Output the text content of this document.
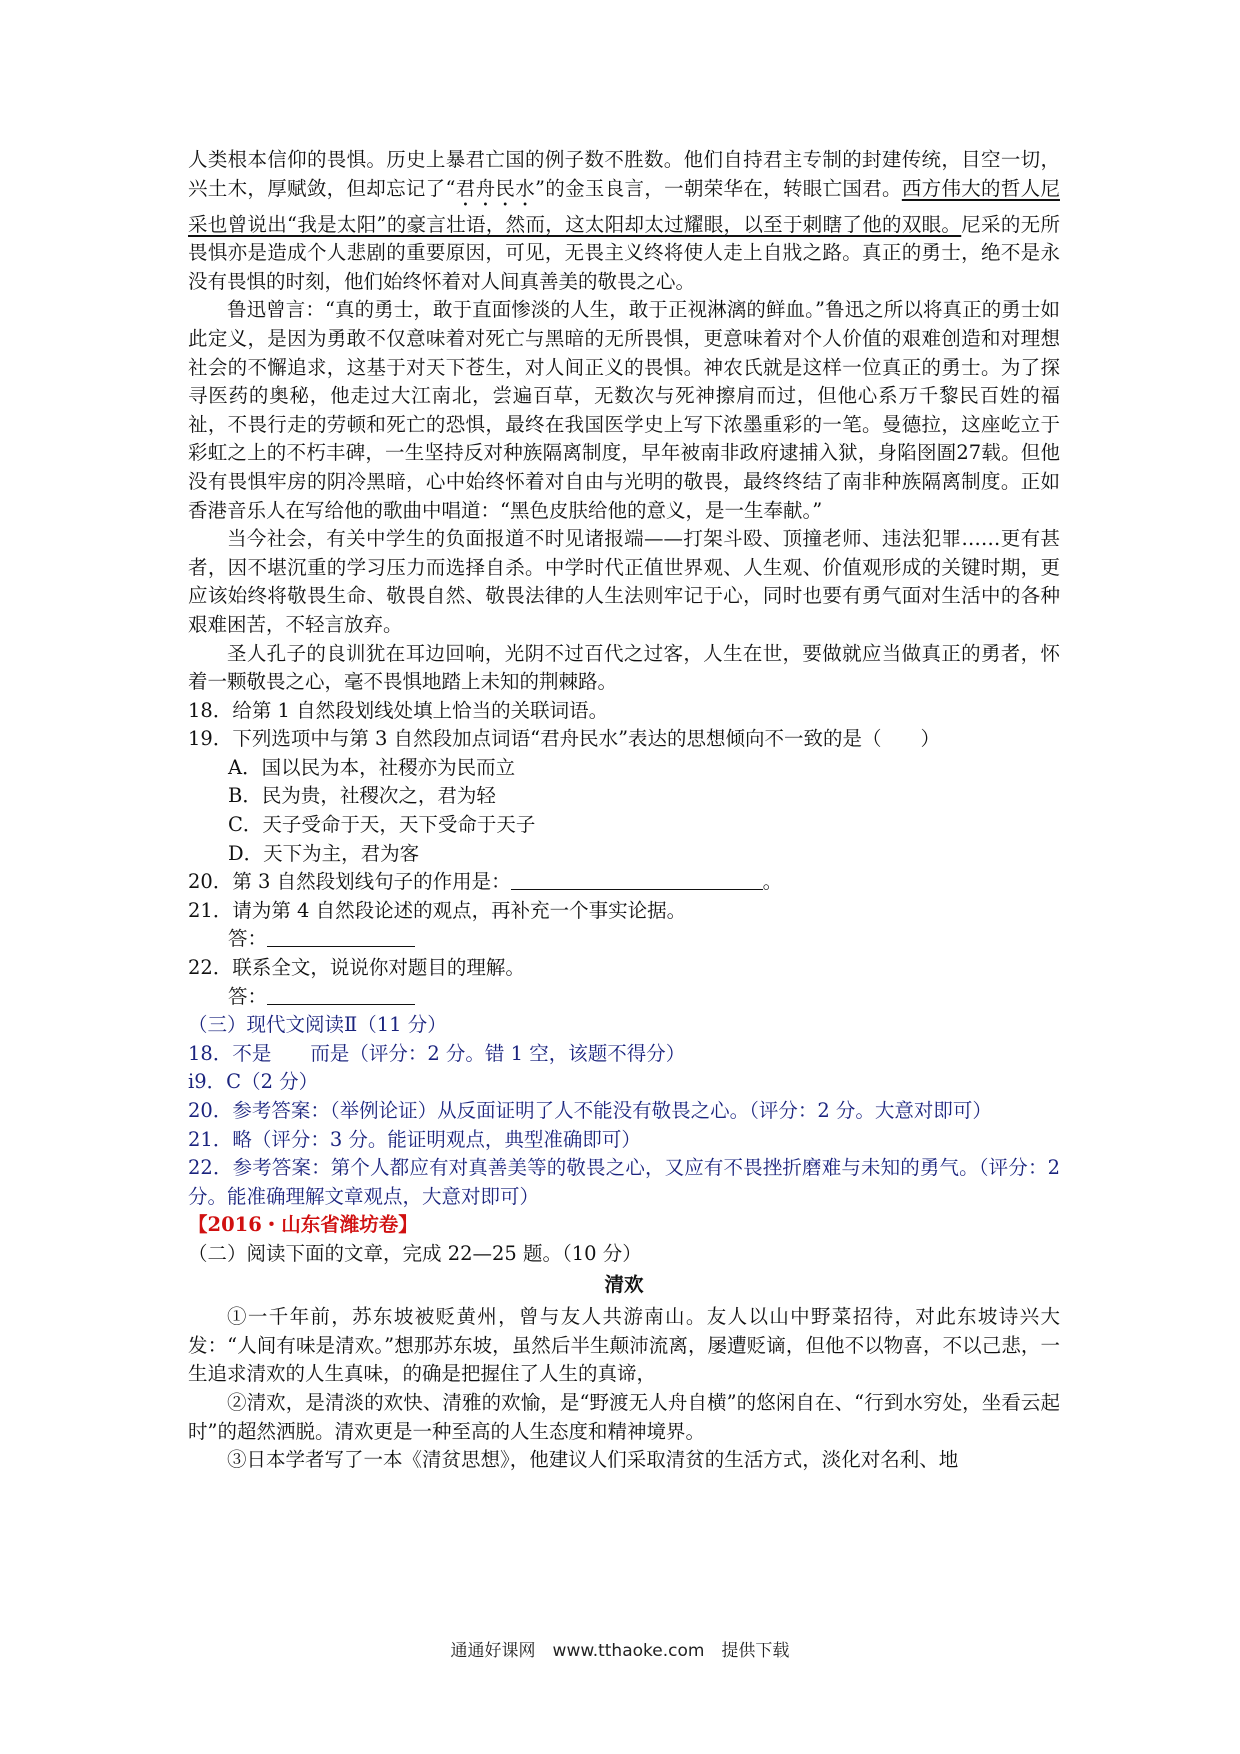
人类根本信仰的畏惧。历史上暴君亡国的例子数不胜数。他们自持君主专制的封建传统，目空一切，兴土木，厚赋敛，但却忘记了“君舟民水”的金玉良言，一朝荣华在，转眼亡国君。西方伟大的哲人尼采也曾说出“我是太阳”的豪言壮语，然而，这太阳却太过耀眼，以至于刺瞎了他的双眼。尼采的无所畏惧亦是造成个人悲剧的重要原因，可见，无畏主义终将使人走上自戕之路。真正的勇士，绝不是永没有畏惧的时刻，他们始终怀着对人间真善美的敬畏之心。

鲁迅曾言：“真的勇士，敢于直面惨淡的人生，敢于正视淋漓的鲜血。”鲁迅之所以将真正的勇士如此定义，是因为勇敢不仅意味着对死亡与黑暗的无所畏惧，更意味着对个人价值的艰难创造和对理想社会的不懈追求，这基于对天下苍生，对人间正义的畏惧。神农氏就是这样一位真正的勇士。为了探寻医药的奥秘，他走过大江南北，尝遍百草，无数次与死神擦肩而过，但他心系万千黎民百姓的福祉，不畏行走的劳顿和死亡的恐惧，最终在我国医学史上写下浓墨重彩的一笔。曼德拉，这座屹立于彩虹之上的不朽丰碑，一生坚持反对种族隔离制度，早年被南非政府逮捕入狱，身陷囹圄27载。但他没有畏惧牢房的阴冷黑暗，心中始终怀着对自由与光明的敬畏，最终终结了南非种族隔离制度。正如香港音乐人在写给他的歌曲中唱道：“黑色皮肤给他的意义，是一生奉献。”

当今社会，有关中学生的负面报道不时见诸报端——打架斗殴、顶撞老师、违法犯罪……更有甚者，因不堪沉重的学习压力而选择自杀。中学时代正值世界观、人生观、价值观形成的关键时期，更应该始终将敬畏生命、敬畏自然、敬畏法律的人生法则牢记于心，同时也要有勇气面对生活中的各种艰难困苦，不轻言放弃。

圣人孔子的良训犹在耳边回响，光阴不过百代之过客，人生在世，要做就应当做真正的勇者，怀着一颗敬畏之心，毫不畏惧地踏上未知的荆棘路。

18．给第 1 自然段划线处填上恰当的关联词语。

19．下列选项中与第 3 自然段加点词语“君舟民水”表达的思想倾向不一致的是（　　）

A．国以民为本，社稷亦为民而立

B．民为贵，社稷次之，君为轻

C．天子受命于天，天下受命于天子

D．天下为主，君为客

20．第 3 自然段划线句子的作用是：	。

21．请为第 4 自然段论述的观点，再补充一个事实论据。

答：

22．联系全文，说说你对题目的理解。

答：

（三）现代文阅读Ⅱ（11 分）

18．不是　　而是（评分：2 分。错 1 空，该题不得分）

i9．C（2 分）

20．参考答案：（举例论证）从反面证明了人不能没有敬畏之心。（评分：2 分。大意对即可）

21．略（评分：3 分。能证明观点，典型准确即可）

22．参考答案：第个人都应有对真善美等的敬畏之心，又应有不畏挫折磨难与未知的勇气。（评分：2 分。能准确理解文章观点，大意对即可）

【2016・山东省潍坊卷】

（二）阅读下面的文章，完成 22—25 题。（10 分）

清欢

①一千年前，苏东坡被贬黄州，曾与友人共游南山。友人以山中野菜招待，对此东坡诗兴大发：“人间有味是清欢。”想那苏东坡，虽然后半生颠沛流离，屡遭贬谪，但他不以物喜，不以己悲，一生追求清欢的人生真味，的确是把握住了人生的真谛，

②清欢，是清淡的欢快、清雅的欢愉，是“野渡无人舟自横”的悠闲自在、“行到水穷处，坐看云起时”的超然洒脱。清欢更是一种至高的人生态度和精神境界。

③日本学者写了一本《清贫思想》，他建议人们采取清贫的生活方式，淡化对名利、地

通通好课网　www.tthaoke.com　提供下载
